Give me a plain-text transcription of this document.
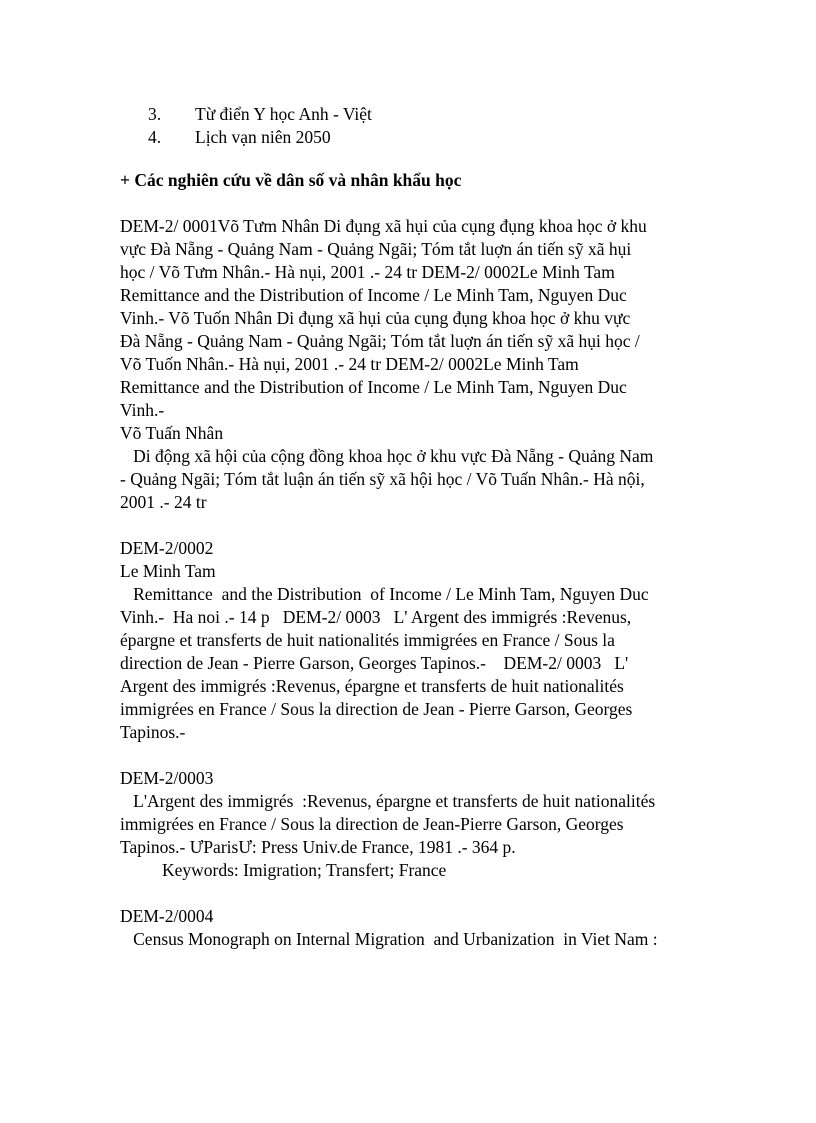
3.	Từ điển Y học Anh - Việt
4.	Lịch vạn niên 2050
+ Các nghiên cứu về dân số và nhân khẩu học
DEM-2/ 0001Võ Tưm Nhân Di đụng xã hụi của cụng đụng khoa học ở khu
vực Đà Nẵng - Quảng Nam - Quảng Ngãi; Tóm tắt luợn án tiến sỹ xã hụi
học / Võ Tưm Nhân.- Hà nụi, 2001 .- 24 tr DEM-2/ 0002Le Minh Tam
Remittance and the Distribution of Income / Le Minh Tam, Nguyen Duc
Vinh.- Võ Tuốn Nhân Di đụng xã hụi của cụng đụng khoa học ở khu vực
Đà Nẵng - Quảng Nam - Quảng Ngãi; Tóm tắt luợn án tiến sỹ xã hụi học /
Võ Tuốn Nhân.- Hà nụi, 2001 .- 24 tr DEM-2/ 0002Le Minh Tam
Remittance and the Distribution of Income / Le Minh Tam, Nguyen Duc
Vinh.-
Võ Tuấn Nhân
Di động xã hội của cộng đồng khoa học ở khu vực Đà Nẵng - Quảng Nam
- Quảng Ngãi; Tóm tắt luận án tiến sỹ xã hội học / Võ Tuấn Nhân.- Hà nội,
2001 .- 24 tr
DEM-2/0002
Le Minh Tam
Remittance  and the Distribution  of Income / Le Minh Tam, Nguyen Duc
Vinh.-  Ha noi .- 14 p   DEM-2/ 0003   L' Argent des immigrés :Revenus,
épargne et transferts de huit nationalités immigrées en France / Sous la
direction de Jean - Pierre Garson, Georges Tapinos.-    DEM-2/ 0003   L'
Argent des immigrés :Revenus, épargne et transferts de huit nationalités
immigrées en France / Sous la direction de Jean - Pierre Garson, Georges
Tapinos.-
DEM-2/0003
L'Argent des immigrés  :Revenus, épargne et transferts de huit nationalités
immigrées en France / Sous la direction de Jean-Pierre Garson, Georges
Tapinos.- ƯParisƯ: Press Univ.de France, 1981 .- 364 p.
Keywords: Imigration; Transfert; France
DEM-2/0004
Census Monograph on Internal Migration  and Urbanization  in Viet Nam :
